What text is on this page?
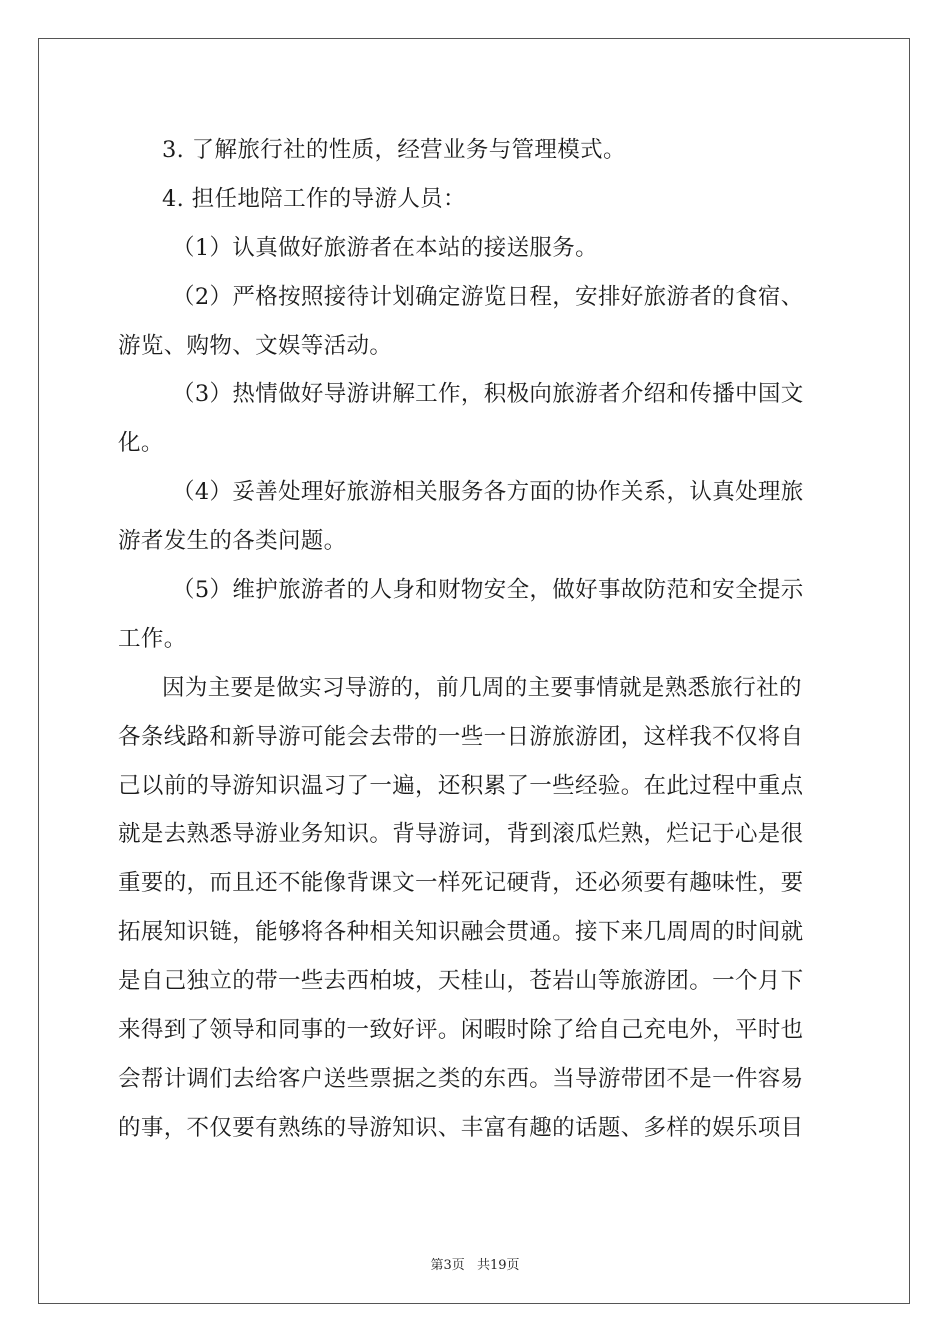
3. 了解旅行社的性质，经营业务与管理模式。
4. 担任地陪工作的导游人员：
（1）认真做好旅游者在本站的接送服务。
（2）严格按照接待计划确定游览日程，安排好旅游者的食宿、
游览、购物、文娱等活动。
（3）热情做好导游讲解工作，积极向旅游者介绍和传播中国文
化。
（4）妥善处理好旅游相关服务各方面的协作关系，认真处理旅
游者发生的各类问题。
（5）维护旅游者的人身和财物安全，做好事故防范和安全提示
工作。
因为主要是做实习导游的，前几周的主要事情就是熟悉旅行社的
各条线路和新导游可能会去带的一些一日游旅游团，这样我不仅将自
己以前的导游知识温习了一遍，还积累了一些经验。在此过程中重点
就是去熟悉导游业务知识。背导游词，背到滚瓜烂熟，烂记于心是很
重要的，而且还不能像背课文一样死记硬背，还必须要有趣味性，要
拓展知识链，能够将各种相关知识融会贯通。接下来几周周的时间就
是自己独立的带一些去西柏坡，天桂山，苍岩山等旅游团。一个月下
来得到了领导和同事的一致好评。闲暇时除了给自己充电外，平时也
会帮计调们去给客户送些票据之类的东西。当导游带团不是一件容易
的事，不仅要有熟练的导游知识、丰富有趣的话题、多样的娱乐项目
第3页 共19页
